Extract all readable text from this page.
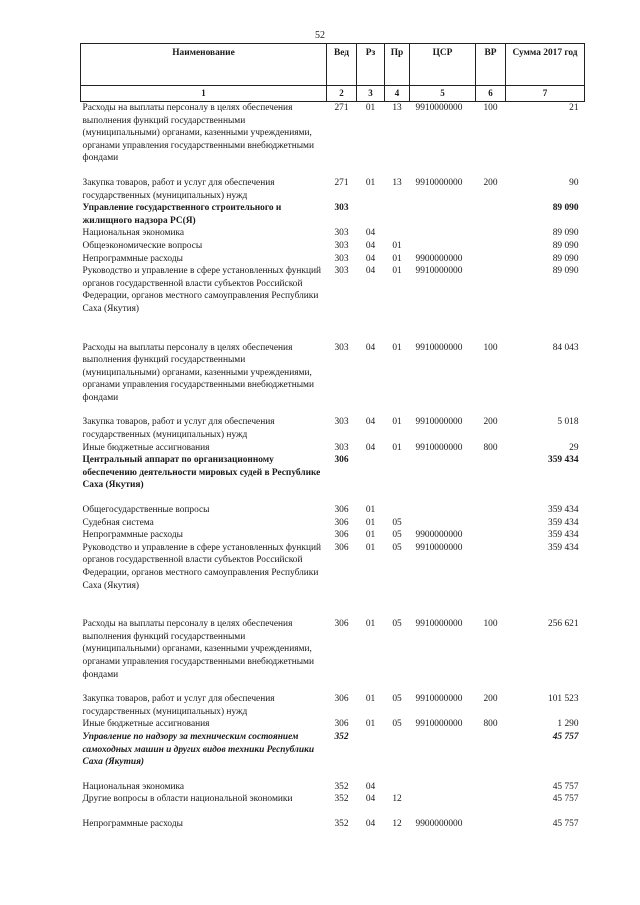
52
Наименование	Вед	Рз	Пр	ЦСР	ВР	Сумма 2017 год
1	2	3	4	5	6	7
Расходы на выплаты персоналу в целях обеспечения выполнения функций государственными (муниципальными) органами, казенными учреждениями, органами управления государственными внебюджетными фондами	271	01	13	9910000000	100	21

Закупка товаров, работ и услуг для обеспечения государственных (муниципальных) нужд	271	01	13	9910000000	200	90
Управление государственного строительного и жилищного надзора РС(Я)	303					89 090
Национальная экономика	303	04				89 090
Общеэкономические вопросы	303	04	01			89 090
Непрограммные расходы	303	04	01	9900000000		89 090
Руководство и управление в сфере установленных функций органов государственной власти субъектов Российской Федерации, органов местного самоуправления Республики Саха (Якутия)	303	04	01	9910000000		89 090

Расходы на выплаты персоналу в целях обеспечения выполнения функций государственными (муниципальными) органами, казенными учреждениями, органами управления государственными внебюджетными фондами	303	04	01	9910000000	100	84 043

Закупка товаров, работ и услуг для обеспечения государственных (муниципальных) нужд	303	04	01	9910000000	200	5 018
Иные бюджетные ассигнования	303	04	01	9910000000	800	29
Центральный аппарат по организационному обеспечению деятельности мировых судей в Республике Саха (Якутия)	306					359 434

Общегосударственные вопросы	306	01				359 434
Судебная система	306	01	05			359 434
Непрограммные расходы	306	01	05	9900000000		359 434
Руководство и управление в сфере установленных функций органов государственной власти субъектов Российской Федерации, органов местного самоуправления Республики Саха (Якутия)	306	01	05	9910000000		359 434

Расходы на выплаты персоналу в целях обеспечения выполнения функций государственными (муниципальными) органами, казенными учреждениями, органами управления государственными внебюджетными фондами	306	01	05	9910000000	100	256 621

Закупка товаров, работ и услуг для обеспечения государственных (муниципальных) нужд	306	01	05	9910000000	200	101 523
Иные бюджетные ассигнования	306	01	05	9910000000	800	1 290
Управление по надзору за техническим состоянием самоходных машин и других видов техники Республики Саха (Якутия)	352					45 757

Национальная экономика	352	04				45 757
Другие вопросы в области национальной экономики	352	04	12			45 757

Непрограммные расходы	352	04	12	9900000000		45 757
